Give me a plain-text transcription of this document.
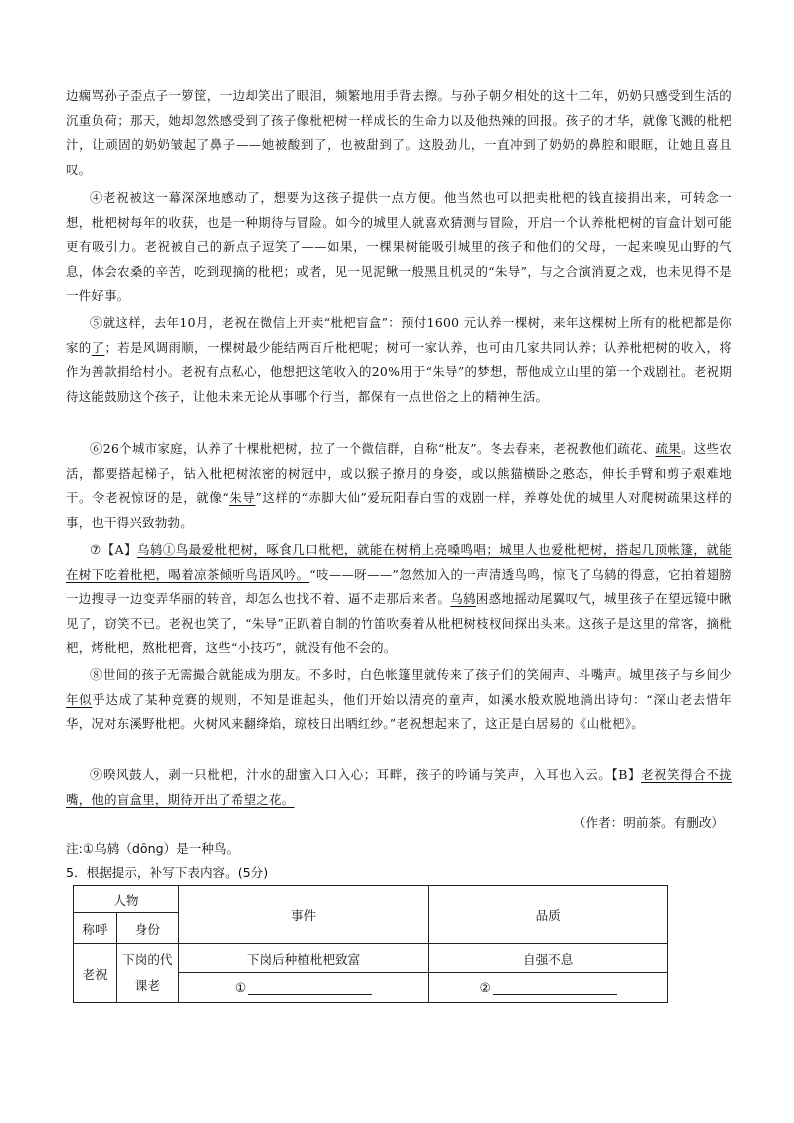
边瘸骂孙子歪点子一箩筐，一边却笑出了眼泪，频繁地用手背去擦。与孙子朝夕相处的这十二年，奶奶只感受到生活的沉重负荷；那天，她却忽然感受到了孩子像枇杷树一样成长的生命力以及他热辣的回报。孩子的才华，就像飞溅的枇杷汁，让顽固的奶奶皱起了鼻子——她被酸到了，也被甜到了。这股劲儿，一直冲到了奶奶的鼻腔和眼眶，让她且喜且叹。

④老祝被这一幕深深地感动了，想要为这孩子提供一点方便。他当然也可以把卖枇杷的钱直接捐出来，可转念一想，枇杷树每年的收获，也是一种期待与冒险。如今的城里人就喜欢猜测与冒险，开启一个认养枇杷树的盲盒计划可能更有吸引力。老祝被自己的新点子逗笑了——如果，一棵果树能吸引城里的孩子和他们的父母，一起来嗅见山野的气息，体会农桑的辛苦，吃到现摘的枇杷；或者，见一见泥鳅一般黑且机灵的“朱导”，与之合演消夏之戏，也未见得不是一件好事。

⑤就这样，去年10月，老祝在微信上开卖“枇杷盲盒”：预付1600 元认养一棵树，来年这棵树上所有的枇杷都是你家的了；若是风调雨顺，一棵树最少能结两百斤枇杷呢；树可一家认养，也可由几家共同认养；认养枇杷树的收入，将作为善款捐给村小。老祝有点私心，他想把这笔收入的20%用于“朱导”的梦想，帮他成立山里的第一个戏剧社。老祝期待这能鼓励这个孩子，让他未来无论从事哪个行当，都保有一点世俗之上的精神生活。

⑥26个城市家庭，认养了十棵枇杷树，拉了一个微信群，自称“枇友”。冬去春来，老祝教他们疏花、疏果。这些农活，都要搭起梯子，钻入枇杷树浓密的树冠中，或以猴子撩月的身姿，或以熊猫横卧之憨态，伸长手臂和剪子艰难地干。令老祝惊讶的是，就像“朱导”这样的“赤脚大仙”爱玩阳春白雪的戏剧一样，养尊处优的城里人对爬树疏果这样的事，也干得兴致勃勃。

⑦【A】乌鸫①鸟最爱枇杷树，啄食几口枇杷，就能在树梢上亮嗓鸣唱；城里人也爱枇杷树，搭起几顶帐篷，就能在树下吃着枇杷，喝着凉茶倾听鸟语风吟。“吱——呀——”忽然加入的一声清透鸟鸣，惊飞了乌鸫的得意，它拍着翅膀一边搜寻一边变弄华丽的转音，却怎么也找不着、逼不走那后来者。乌鸫困惑地摇动尾翼叹气，城里孩子在望远镜中瞅见了，窃笑不已。老祝也笑了，“朱导”正趴着自制的竹笛吹奏着从枇杷树枝杈间探出头来。这孩子是这里的常客，摘枇杷，烤枇杷，熬枇杷膏，这些“小技巧”，就没有他不会的。

⑧世间的孩子无需撮合就能成为朋友。不多时，白色帐篷里就传来了孩子们的笑闹声、斗嘴声。城里孩子与乡间少年似乎达成了某种竞赛的规则，不知是谁起头，他们开始以清亮的童声，如溪水般欢脱地淌出诗句：“深山老去惜年华，况对东溪野枇杷。火树风来翻绛焰，琼枝日出晒红纱。”老祝想起来了，这正是白居易的《山枇杷》。

⑨暌风鼓人，剥一只枇杷，汁水的甜蜜入口入心；耳畔，孩子的吟诵与笑声，入耳也入云。【B】老祝笑得合不拢嘴，他的盲盒里，期待开出了希望之花。

（作者：明前茶。有删改）
注:①乌鸫（dōng）是一种鸟。
5．根据提示，补写下表内容。(5分)
人物		事件	品质
称呼	身份		
老祝	下岗的代课老	下岗后种植枇杷致富	自强不息
		①	②
